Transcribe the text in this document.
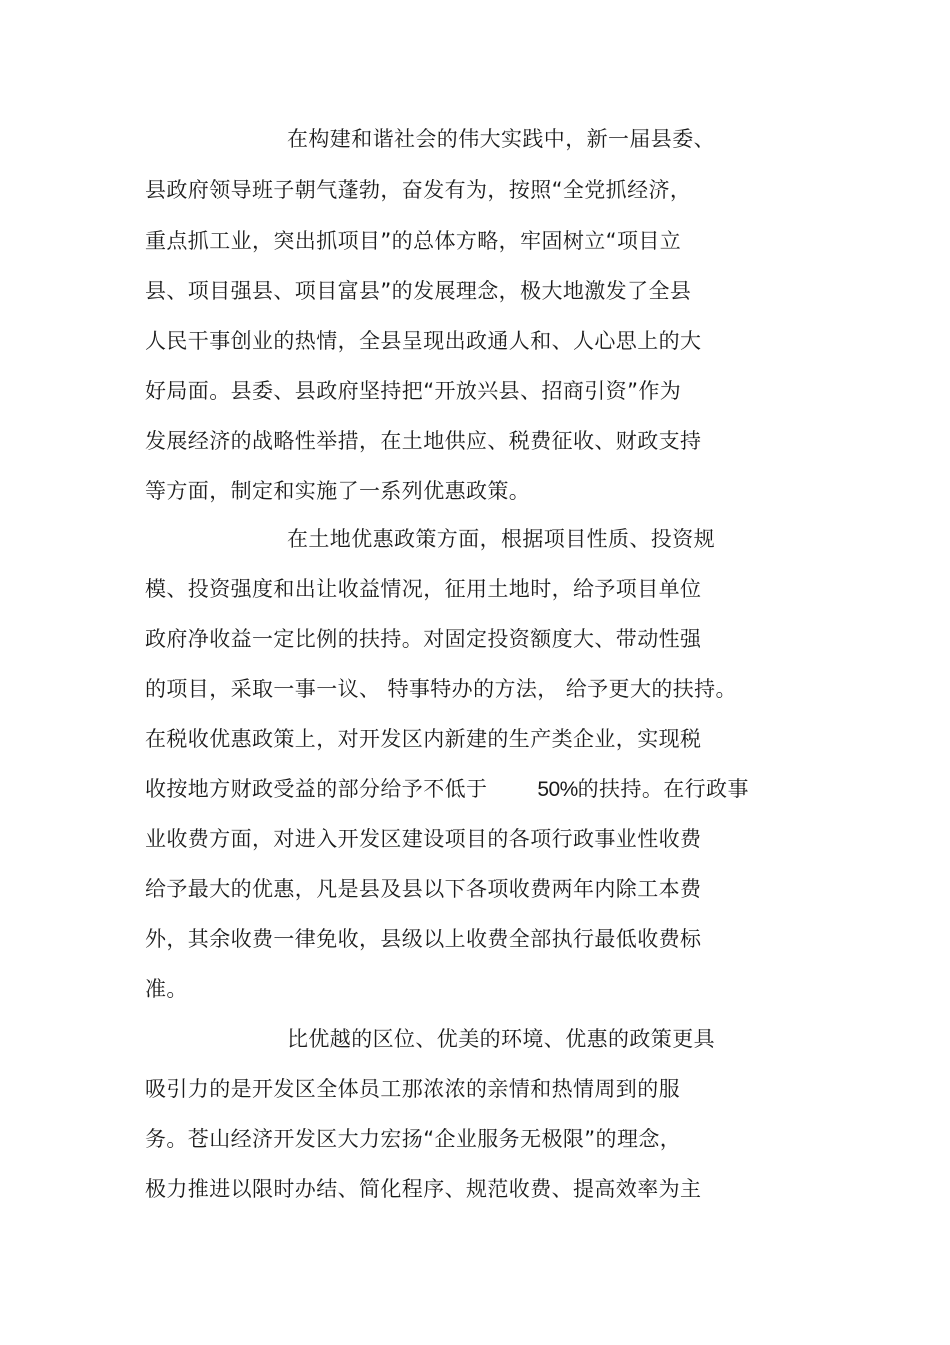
在构建和谐社会的伟大实践中，新一届县委、

县政府领导班子朝气蓬勃，奋发有为，按照“全党抓经济，

重点抓工业，突出抓项目”的总体方略，牢固树立“项目立

县、项目强县、项目富县”的发展理念，极大地激发了全县

人民干事创业的热情，全县呈现出政通人和、人心思上的大

好局面。县委、县政府坚持把“开放兴县、招商引资”作为

发展经济的战略性举措，在土地供应、税费征收、财政支持

等方面，制定和实施了一系列优惠政策。

在土地优惠政策方面，根据项目性质、投资规

模、投资强度和出让收益情况，征用土地时，给予项目单位

政府净收益一定比例的扶持。对固定投资额度大、带动性强

的项目，采取一事一议、 特事特办的方法， 给予更大的扶持。

在税收优惠政策上，对开发区内新建的生产类企业，实现税

收按地方财政受益的部分给予不低于 50%的扶持。在行政事

业收费方面，对进入开发区建设项目的各项行政事业性收费

给予最大的优惠，凡是县及县以下各项收费两年内除工本费

外，其余收费一律免收，县级以上收费全部执行最低收费标

准。

比优越的区位、优美的环境、优惠的政策更具

吸引力的是开发区全体员工那浓浓的亲情和热情周到的服

务。苍山经济开发区大力宏扬“企业服务无极限”的理念，

极力推进以限时办结、简化程序、规范收费、提高效率为主
